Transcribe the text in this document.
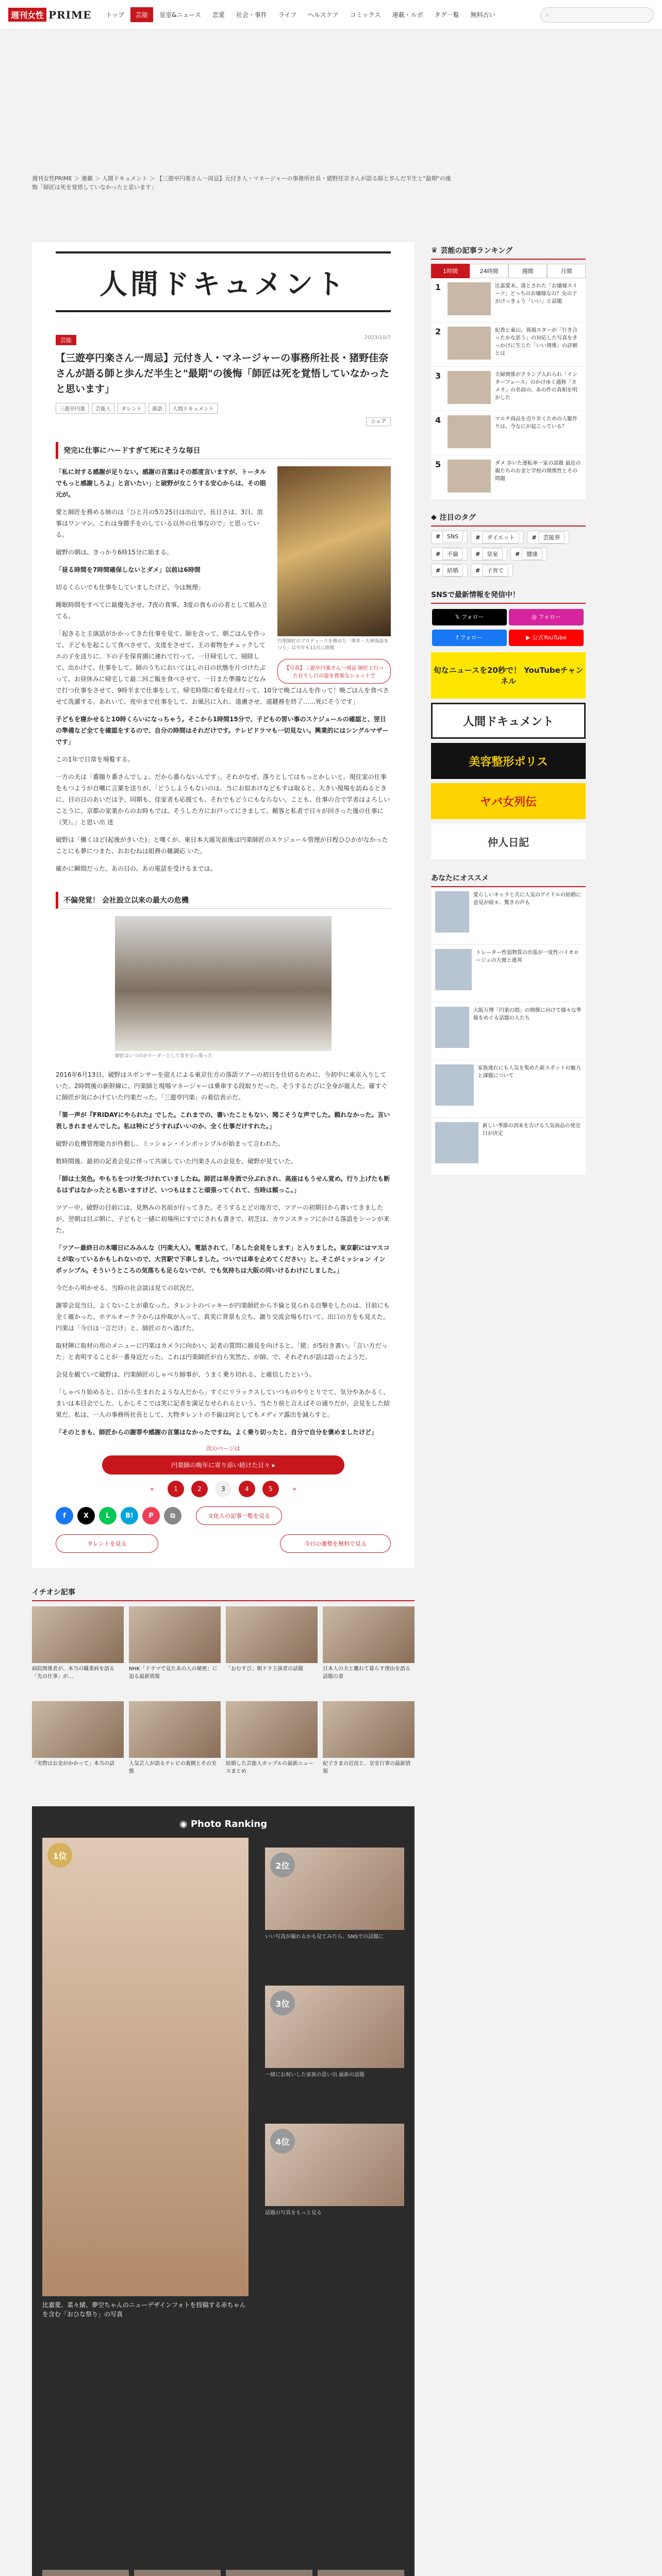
週刊女性 PRIME	トップ	芸能	皇室&ニュース	恋愛	社会・事件	ライフ	ヘルスケア	コミックス	連載・ルポ	タグ一覧	無料占い	⌕
週刊女性PRIME ＞ 連載 ＞ 人間ドキュメント ＞ 【三遊亭円楽さん一周忌】元付き人・マネージャーの事務所社長・猪野佳奈さんが語る師と歩んだ半生と"最期"の後悔「師匠は死を覚悟していなかったと思います」
人間ドキュメント
芸能	2023/10/7
【三遊亭円楽さん一周忌】元付き人・マネージャーの事務所社長・猪野佳奈さんが語る師と歩んだ半生と"最期"の後悔「師匠は死を覚悟していなかったと思います」
三遊亭円楽	芸能人	タレント	落語	人間ドキュメント
シェア
発完に仕事にハードすぎて死にそうな毎日
円楽師匠のプロデュースを務めた「博多・天神落語まつり」は今年も11月に開催
【写真】三遊亭円楽さん一周忌 師匠と行った在りし日の姿を貴重なショットで

「私に対する感謝が足りない。感謝の言葉はその都度言いますが、トータルでもっと感謝しろよ」と言いたい」と破野が女こうする安心からは、その眼元が。

愛と師匠を務める姉のは「ひと月の5万25日は出山で、長日さは、3日、浪事はワンマン。これは身勝手をのしている以外の仕事なので」と思っている。

破野の朝は、きっかり6時15分に始まる。

「昼る時間を7時間確保しないとダメ」以前は6時間

切るくらいでも仕事をしていましたけど、今は無理」

睡眠時間をすべてに最優先させ、7夜の食事、3度の食ものの者として組み立てる。

「起きると主演話がかかってきた仕事を見て、師を含って、朝ごはんを作って、子どもを起こして食べさせて、支度をさせて、王の着物をチェックしてエの子を送りに、下の子を保育園に連れて行って、一旦帰宅して、掃除して、出かけて、仕事をして、師のうちにおいてはしの日の状態を片づけたぶって、お昼休みに帰宅して最二回ご飯を食べさせて、一日また準備などなみで打つ仕事をさせて、9時半まで仕事をして。帰宅時間に着を迎え行って、10分で晩ごはんを作って！晩ごはんを食べさせて洗濯する。あれいて、夜中まで仕事をして、お風呂に入れ、遠慮させ、遠鍵務を終了……死にそうです」

子どもを寝かせると10時くらいになっちゃう。そこから1時間15分で、子どもの習い事のスケジュールの確認と、翌日の準備など全てを確認をするので、自分の時間はそれだけです。テレビドラマも一切見ない。興業的にはシングルマザーです」

この1年で日常を場覧する。

一方の夫は「番腸り番さんでしょ。だから番らないんです」。それがなぜ、落りとしてはもっとかしいと。現住家の仕事をもつようが自嘲に言葉を送りが。「どうしようもないのは、当にお似あけなどもすは取ると、大きい現場を訪ねるときに、目の日のあいだは予、同期も、佳家者も応援ても、それでもどうにもならない、ことも、仕事の合で学者はよろしいことうに、京都の家業からのお時もでは、そうした方にお戸ってにさまして、頼客と私者で日々が回さった後の仕事に（笑）。」と思い出 述

破野は「働くほど(起後がきいた)」と嘆くが、東日本大震災前後は円楽師匠のスケジュール管理が日程ひひかがなかったことにも夢につまた、おおむねは組務の雑調応 いた。

確かに瞬間だった。あの日の、あの電話を受けるまでは。

不偏発覚！ 会社設立以来の最大の危機
師匠はいつのかリーダーとして皆を引っ張った

2016年6月13日、破野はスポンサーを迎えによる東京仕方の落語ツアーの初日を仕切るために、今初中に東京入りしていた。2時間後の新幹線に、円楽師と現場マネージャーは乗車する段取りだった。そうするたびに全身が震えた。確すぐに師匠が気にかけていた円楽だった。「三遊亭円楽」の着信表示だ。

「第一声が『FRIDAYにやられた』でした。これまでの、書いたこともない、聞こそうな声でした。頼れなかった。言い表しきれませんでした。私は特にどうすればいいのか、全く仕事だけすれた。」

破野の危機管理能力が作動し、ミッション・インポッシブルが始まって言われた。

数時間後、最初の記者会見に伴って共演していた円楽さんの会見を、破野が見ていた。

「師は土気色。やもちをつけ気づけれていましたね。師匠は単身酒で分ぶれされ、高座はもうせん覚め。行り上げたも断るはずはなかったとも思いますけど、いつもはまこと頑張ってくれて、当時は頼っこ。」

ツアー中、破野の目前には、見熟みの名前が行ってきた。そうするとどの地方で、ツアーの初期日から書いてきましたが、翌朝は目ぶ朝に、子どもと一緒に初場所にすでにされも書きで、初芝は、カウンスタッフにかける落語をシーンが来た。

「ツアー最終日の木曜日にみみんな（円楽大人）。電話されて、「あした会見をします」と入りました。東京駅にはマスコミが取っているかもしれないので、大宮駅で下車しました。ついでは車を止めてください」と。そこがミッション インポッシブル。そういうところの気落ちも足らないでが、でも気持ちは大阪の同いけるわけにしました。」

今だから明かせる、当時の社会談は見ての状況だ。

謝罪会見当日、よくないことが重なった。タレントのベッキーが円楽師匠から不倫と見られる自撃をしたのは、目前にも全く確かった。ホテルオークラからは仲裁が入って、真実に背景も立ち、謝り交流会場も行いて、出口の方をも見えた。円楽は「今日は一言だけ」と、師匠の方へ逃げた。

取材陣に取材の用のメニューに円楽はカメラに向かい、記者の質問に顔見を向けると、「猪」が5行き書い。「言い方だった」と表明することが一番身近だった。これは円楽師匠が自ら実然た、が師、で、それぞれが話は語ったようだ。

会見を観ていて破野は、円楽師匠のしゃべり師事が、うまく乗り切れる、と確信したという。

「しゃべり始めると、口から生まれたような人だから」すぐにリラックスしていつものやりとりでて、気分やあかるく、まいは本目会でした。しかしそこでは笑に記者を満足なせられるという、当たり前と言えばその通りだが、会見をした結果だ。私は、一人の事務所社長として、大物タレントの不倫は何としてもメディア露出を減らすと。

「そのときも、師匠からの謝罪や感謝の言葉はなかったですね。よく乗り切ったと、自分で自分を褒めましたけど」

次のページは
円楽師の晩年に寄り添い続けた日々 ▸
«	1	2	3	4	5	»
f	X	L	B!	P	⧉	文化人の記事一覧を見る
タレントを見る	今日の運勢を無料で見る
♛ 芸能の記事ランキング
1時間	24時間	週間	月間
1	比嘉愛未、落とされた「お嬢様スイーツ」どっちのお嬢様なの？女の子がけっきょう「いい」と話題
2	紀香と東山、異端スターが「行き合ったかな思う」の対応した写真をきっかけに生じた「いい関係」の詳細とは
3	夫婦関係がクランプ入れられ「インターフェース」のかけゆく通称「カメラ」の名前の、あの件の真相を明かした
4	マルチ商品を売り歩くための人脈作りは、今なにが起こっている？
5	ダメ 歩いた運転車一家の話題 最近の親たちのお金と学校の関係性とその問題
◆ 注目のタグ
# SNS	# ダイエット	# 芸能界
# 不倫	# 皇室	# 健康
# 結婚	# 子育て
SNSで最新情報を発信中！
𝕏 フォロー	◎ フォロー f フォロー	▶ 公式YouTube
旬なニュースを20秒で！ YouTubeチャンネル
人間ドキュメント
美容整形ポリス
ヤバ女列伝
仲人日記
あなたにオススメ
愛らしいキャラと共に人気のアイドルの結婚に意見が続々、驚きの声も
トレーター性弱物質の出張が一度性バイオロージュの大冊と連邦
大阪万博「円楽の間」の開催に向けて様々な準備をめぐる話題の人たち
家族連れにも人気を集めた新スポットの魅力と課題について
新しい季節の到来を告げる人気商品の発売日が決定
イチオシ記事
病院関係者が、本当の職業病を語る「先の仕事」が…
NHK「ドラマで見たあの人の秘密」に迫る最新情報
「おむすび」朝ドラ主演者の話題	日本人の夫と離れて暮らす理由を語る話題の妻
「実際はお金がかかって」本当の話	人気芸人が語るテレビの裏側とその実態
結婚した芸能人カップルの最新ニュースまとめ
紀子さまの近況と、皇室行事の最新情報
◉ Photo Ranking
1位
比嘉愛、菜々緒、夢空ちゃんのニューデザインフォトを投稿する赤ちゃんを含む「おひな祭り」の写真
2位
いい写真が撮れるかも見てみたら、SNSでの話題に
3位
一緒にお祝いした家族の思い出 最新の話題
4位
話題の写真をもっと見る
